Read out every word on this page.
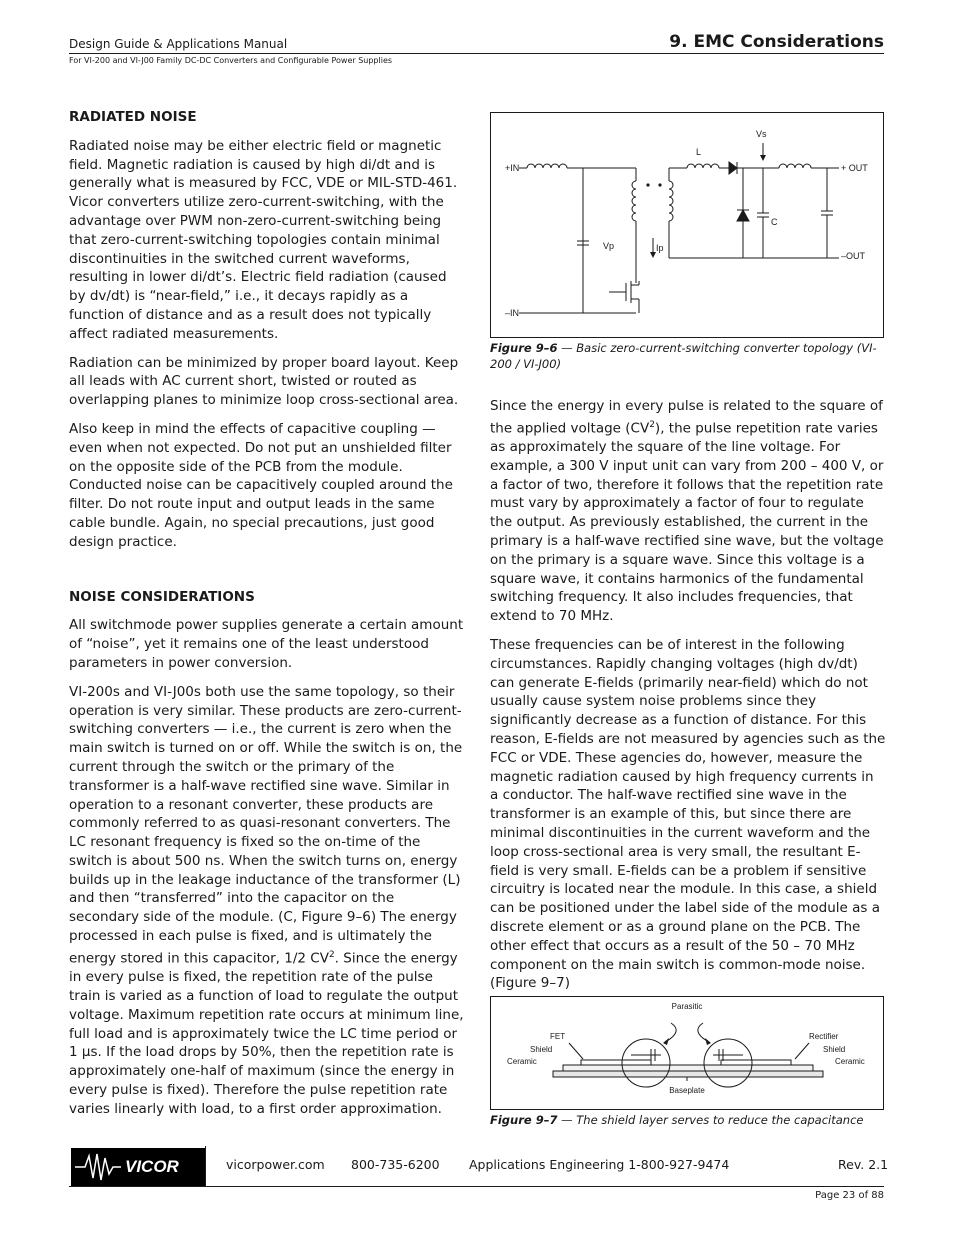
Design Guide & Applications Manual
For VI-200 and VI-J00 Family DC-DC Converters and Configurable Power Supplies
9. EMC Considerations
RADIATED NOISE

Radiated noise may be either electric field or magnetic field. Magnetic radiation is caused by high di/dt and is generally what is measured by FCC, VDE or MIL-STD-461. Vicor converters utilize zero-current-switching, with the advantage over PWM non-zero-current-switching being that zero-current-switching topologies contain minimal discontinuities in the switched current waveforms, resulting in lower di/dt’s. Electric field radiation (caused by dv/dt) is “near-field,” i.e., it decays rapidly as a function of distance and as a result does not typically affect radiated measurements.

Radiation can be minimized by proper board layout. Keep all leads with AC current short, twisted or routed as overlapping planes to minimize loop cross-sectional area.

Also keep in mind the effects of capacitive coupling — even when not expected. Do not put an unshielded filter on the opposite side of the PCB from the module. Conducted noise can be capacitively coupled around the filter. Do not route input and output leads in the same cable bundle. Again, no special precautions, just good design practice.

NOISE CONSIDERATIONS

All switchmode power supplies generate a certain amount of “noise”, yet it remains one of the least understood parameters in power conversion.

VI-200s and VI-J00s both use the same topology, so their operation is very similar. These products are zero-current-switching converters — i.e., the current is zero when the main switch is turned on or off. While the switch is on, the current through the switch or the primary of the transformer is a half-wave rectified sine wave. Similar in operation to a resonant converter, these products are commonly referred to as quasi-resonant converters. The LC resonant frequency is fixed so the on-time of the switch is about 500 ns. When the switch turns on, energy builds up in the leakage inductance of the transformer (L) and then “transferred” into the capacitor on the secondary side of the module. (C, Figure 9–6) The energy processed in each pulse is fixed, and is ultimately the energy stored in this capacitor, 1/2 $CV^2$. Since the energy in every pulse is fixed, the repetition rate of the pulse train is varied as a function of load to regulate the output voltage. Maximum repetition rate occurs at minimum line, full load and is approximately twice the LC time period or 1 µs. If the load drops by 50%, then the repetition rate is approximately one-half of maximum (since the energy in every pulse is fixed). Therefore the pulse repetition rate varies linearly with load, to a first order approximation.

+IN
–IN
L
Vs
C
+ OUT
–OUT
Vp	Ip
Figure 9–6 — Basic zero-current-switching converter topology (VI-200 / VI-J00)

Since the energy in every pulse is related to the square of the applied voltage $(CV^2)$, the pulse repetition rate varies as approximately the square of the line voltage. For example, a 300 V input unit can vary from 200 – 400 V, or a factor of two, therefore it follows that the repetition rate must vary by approximately a factor of four to regulate the output. As previously established, the current in the primary is a half-wave rectified sine wave, but the voltage on the primary is a square wave. Since this voltage is a square wave, it contains harmonics of the fundamental switching frequency. It also includes frequencies, that extend to 70 MHz.

These frequencies can be of interest in the following circumstances. Rapidly changing voltages (high dv/dt) can generate E-fields (primarily near-field) which do not usually cause system noise problems since they significantly decrease as a function of distance. For this reason, E-fields are not measured by agencies such as the FCC or VDE. These agencies do, however, measure the magnetic radiation caused by high frequency currents in a conductor. The half-wave rectified sine wave in the transformer is an example of this, but since there are minimal discontinuities in the current waveform and the loop cross-sectional area is very small, the resultant E-field is very small. E-fields can be a problem if sensitive circuitry is located near the module. In this case, a shield can be positioned under the label side of the module as a discrete element or as a ground plane on the PCB. The other effect that occurs as a result of the 50 – 70 MHz component on the main switch is common-mode noise. (Figure 9–7)

Parasitic
FET
Shield
Ceramic
Rectifier
Shield
Ceramic
Baseplate
Figure 9–7 — The shield layer serves to reduce the capacitance
VICOR	vicorpower.com 800-735-6200 Applications Engineering 1-800-927-9474	Rev. 2.1
Page 23 of 88
